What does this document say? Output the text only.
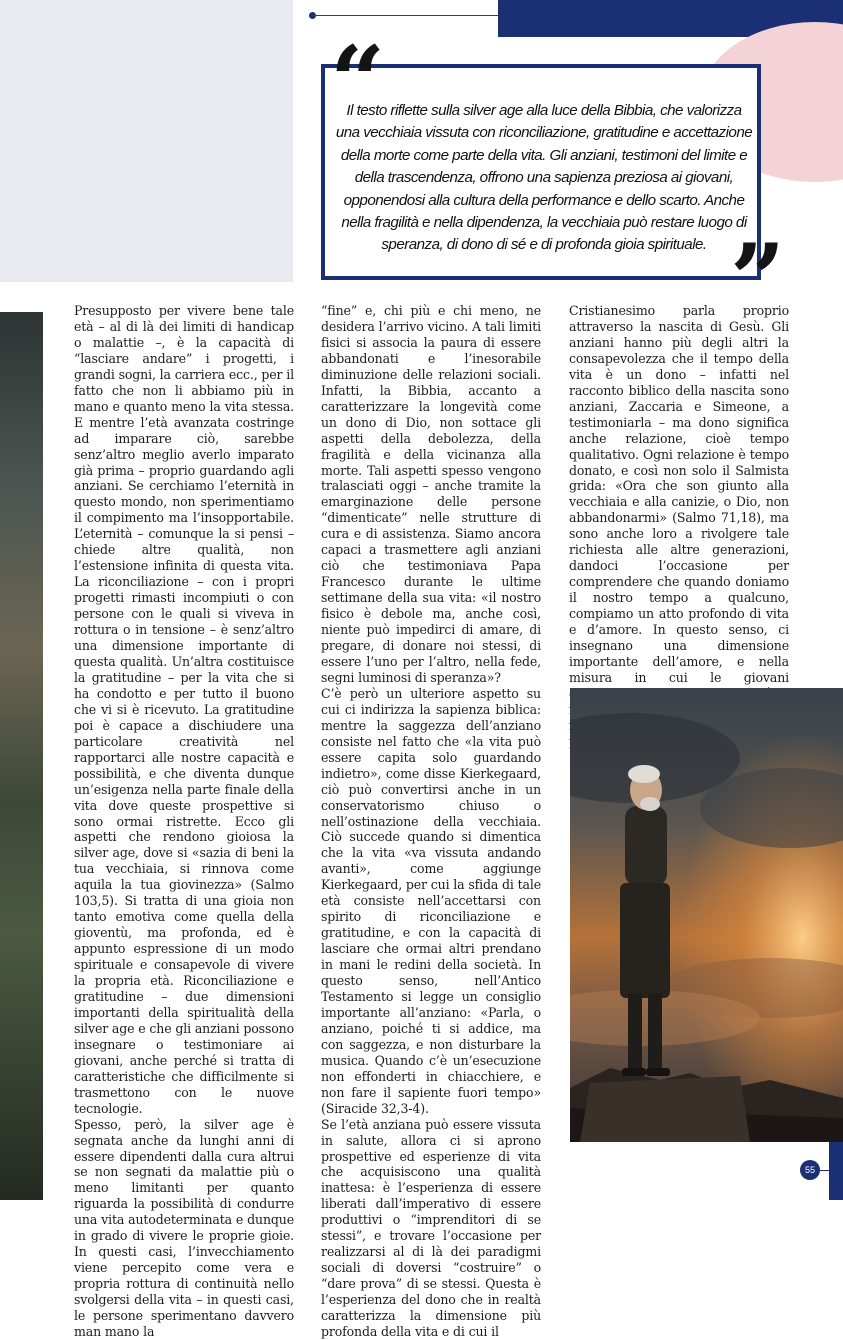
“

Il testo riflette sulla silver age alla luce della Bibbia, che valorizza una vecchiaia vissuta con riconciliazione, gratitudine e accettazione della morte come parte della vita. Gli anziani, testimoni del limite e della trascendenza, offrono una sapienza preziosa ai giovani, opponendosi alla cultura della performance e dello scarto. Anche nella fragilità e nella dipendenza, la vecchiaia può restare luogo di speranza, di dono di sé e di profonda gioia spirituale. ”

Presupposto per vivere bene tale età – al di là dei limiti di handicap o malattie –, è la capacità di “lasciare andare” i progetti, i grandi sogni, la carriera ecc., per il fatto che non li abbiamo più in mano e quanto meno la vita stessa. E mentre l’età avanzata costringe ad imparare ciò, sarebbe senz’altro meglio averlo imparato già prima – proprio guardando agli anziani. Se cerchiamo l’eternità in questo mondo, non sperimentiamo il compimento ma l’insopportabile. L’eternità – comunque la si pensi – chiede altre qualità, non l’estensione infinita di questa vita. La riconciliazione – con i propri progetti rimasti incompiuti o con persone con le quali si viveva in rottura o in tensione – è senz’altro una dimensione importante di questa qualità. Un’altra costituisce la gratitudine – per la vita che si ha condotto e per tutto il buono che vi si è ricevuto. La gratitudine poi è capace a dischiudere una particolare creatività nel rapportarci alle nostre capacità e possibilità, e che diventa dunque un’esigenza nella parte finale della vita dove queste prospettive si sono ormai ristrette. Ecco gli aspetti che rendono gioiosa la silver age, dove si «sazia di beni la tua vecchiaia, si rinnova come aquila la tua giovinezza» (Salmo 103,5). Si tratta di una gioia non tanto emotiva come quella della gioventù, ma profonda, ed è appunto espressione di un modo spirituale e consapevole di vivere la propria età. Riconciliazione e gratitudine – due dimensioni importanti della spiritualità della silver age e che gli anziani possono insegnare o testimoniare ai giovani, anche perché si tratta di caratteristiche che difficilmente si trasmettono con le nuove tecnologie.

Spesso, però, la silver age è segnata anche da lunghi anni di essere dipendenti dalla cura altrui se non segnati da malattie più o meno limitanti per quanto riguarda la possibilità di condurre una vita autodeterminata e dunque in grado di vivere le proprie gioie. In questi casi, l’invecchiamento viene percepito come vera e propria rottura di continuità nello svolgersi della vita – in questi casi, le persone sperimentano davvero man mano la

“fine” e, chi più e chi meno, ne desidera l’arrivo vicino. A tali limiti fisici si associa la paura di essere abbandonati e l’inesorabile diminuzione delle relazioni sociali. Infatti, la Bibbia, accanto a caratterizzare la longevità come un dono di Dio, non sottace gli aspetti della debolezza, della fragilità e della vicinanza alla morte. Tali aspetti spesso vengono tralasciati oggi – anche tramite la emarginazione delle persone “dimenticate” nelle strutture di cura e di assistenza. Siamo ancora capaci a trasmettere agli anziani ciò che testimoniava Papa Francesco durante le ultime settimane della sua vita: «il nostro fisico è debole ma, anche così, niente può impedirci di amare, di pregare, di donare noi stessi, di essere l’uno per l’altro, nella fede, segni luminosi di speranza»?

C’è però un ulteriore aspetto su cui ci indirizza la sapienza biblica: mentre la saggezza dell’anziano consiste nel fatto che «la vita può essere capita solo guardando indietro», come disse Kierkegaard, ciò può convertirsi anche in un conservatorismo chiuso o nell’ostinazione della vecchiaia. Ciò succede quando si dimentica che la vita «va vissuta andando avanti», come aggiunge Kierkegaard, per cui la sfida di tale età consiste nell’accettarsi con spirito di riconciliazione e gratitudine, e con la capacità di lasciare che ormai altri prendano in mani le redini della società. In questo senso, nell’Antico Testamento si legge un consiglio importante all’anziano: «Parla, o anziano, poiché ti si addice, ma con saggezza, e non disturbare la musica. Quando c’è un’esecuzione non effonderti in chiacchiere, e non fare il sapiente fuori tempo» (Siracide 32,3-4).

Se l’età anziana può essere vissuta in salute, allora ci si aprono prospettive ed esperienze di vita che acquisiscono una qualità inattesa: è l’esperienza di essere liberati dall’imperativo di essere produttivi o “imprenditori di se stessi”, e trovare l’occasione per realizzarsi al di là dei paradigmi sociali di doversi “costruire” o “dare prova” di se stessi. Questa è l’esperienza del dono che in realtà caratterizza la dimensione più profonda della vita e di cui il

Cristianesimo parla proprio attraverso la nascita di Gesù. Gli anziani hanno più degli altri la consapevolezza che il tempo della vita è un dono – infatti nel racconto biblico della nascita sono anziani, Zaccaria e Simeone, a testimoniarla – ma dono significa anche relazione, cioè tempo qualitativo. Ogni relazione è tempo donato, e così non solo il Salmista grida: «Ora che son giunto alla vecchiaia e alla canizie, o Dio, non abbandonarmi» (Salmo 71,18), ma sono anche loro a rivolgere tale richiesta alle altre generazioni, dandoci l’occasione per comprendere che quando doniamo il nostro tempo a qualcuno, compiamo un atto profondo di vita e d’amore. In questo senso, ci insegnano una dimensione importante dell’amore, e nella misura in cui le giovani

55
